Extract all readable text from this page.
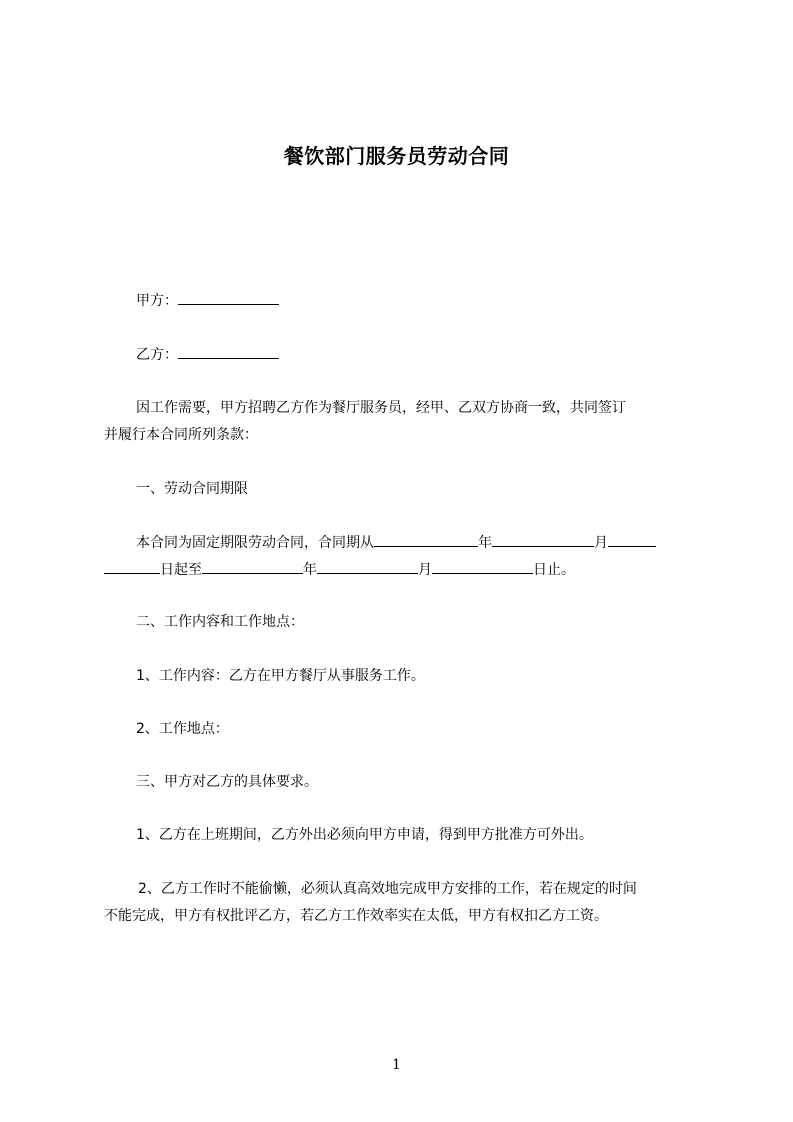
餐饮部门服务员劳动合同
甲方：
乙方：
因工作需要，甲方招聘乙方作为餐厅服务员，经甲、乙双方协商一致，共同签订
并履行本合同所列条款：
一、劳动合同期限
本合同为固定期限劳动合同，合同期从	年	月
日起至	年	月	日止。
二、工作内容和工作地点：
1、工作内容：乙方在甲方餐厅从事服务工作。
2、工作地点：
三、甲方对乙方的具体要求。
1、乙方在上班期间，乙方外出必须向甲方申请，得到甲方批准方可外出。
2、乙方工作时不能偷懒，必须认真高效地完成甲方安排的工作，若在规定的时间
不能完成，甲方有权批评乙方，若乙方工作效率实在太低，甲方有权扣乙方工资。
1
